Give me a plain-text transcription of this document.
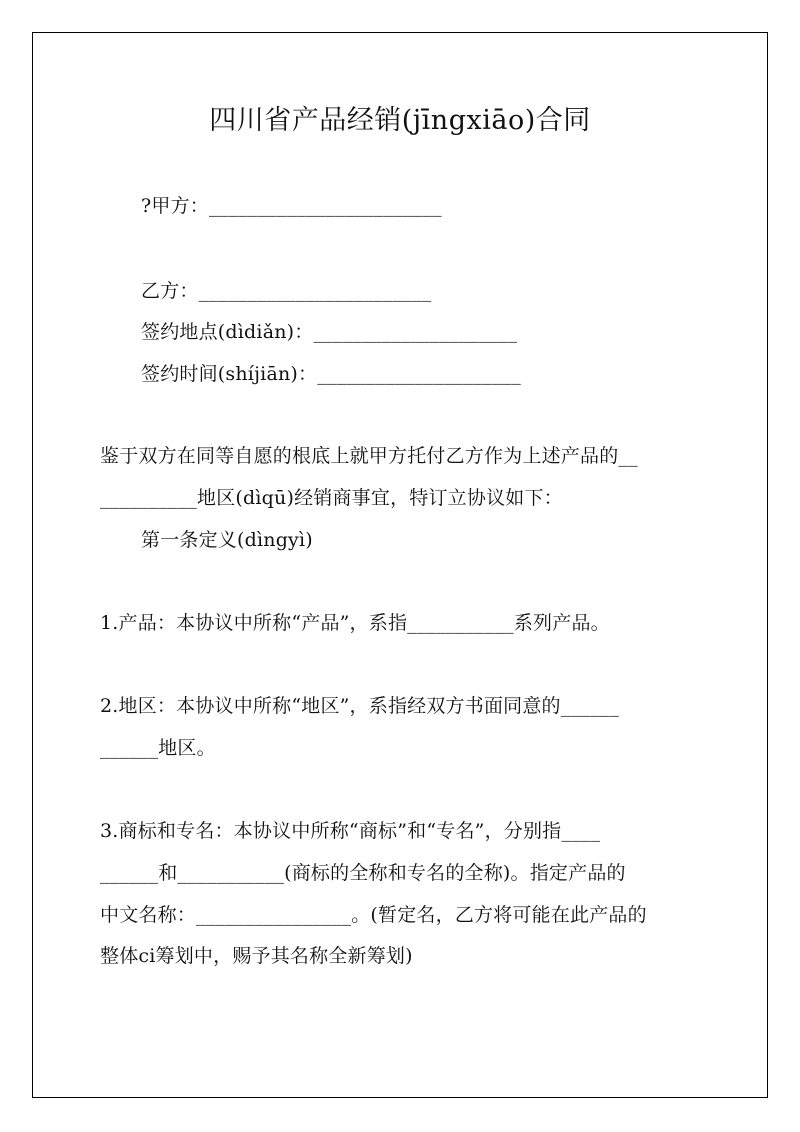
四川省产品经销(jīngxiāo)合同
?甲方：________________________
乙方：________________________
签约地点(dìdiǎn)：_____________________
签约时间(shíjiān)：_____________________
鉴于双方在同等自愿的根底上就甲方托付乙方作为上述产品的__
__________地区(dìqū)经销商事宜，特订立协议如下：
第一条定义(dìngyì)
1.产品：本协议中所称“产品”，系指___________系列产品。
2.地区：本协议中所称“地区”，系指经双方书面同意的______
______地区。
3.商标和专名：本协议中所称“商标”和“专名”，分别指____
______和___________(商标的全称和专名的全称)。指定产品的
中文名称：________________。(暂定名，乙方将可能在此产品的
整体ci筹划中，赐予其名称全新筹划)
